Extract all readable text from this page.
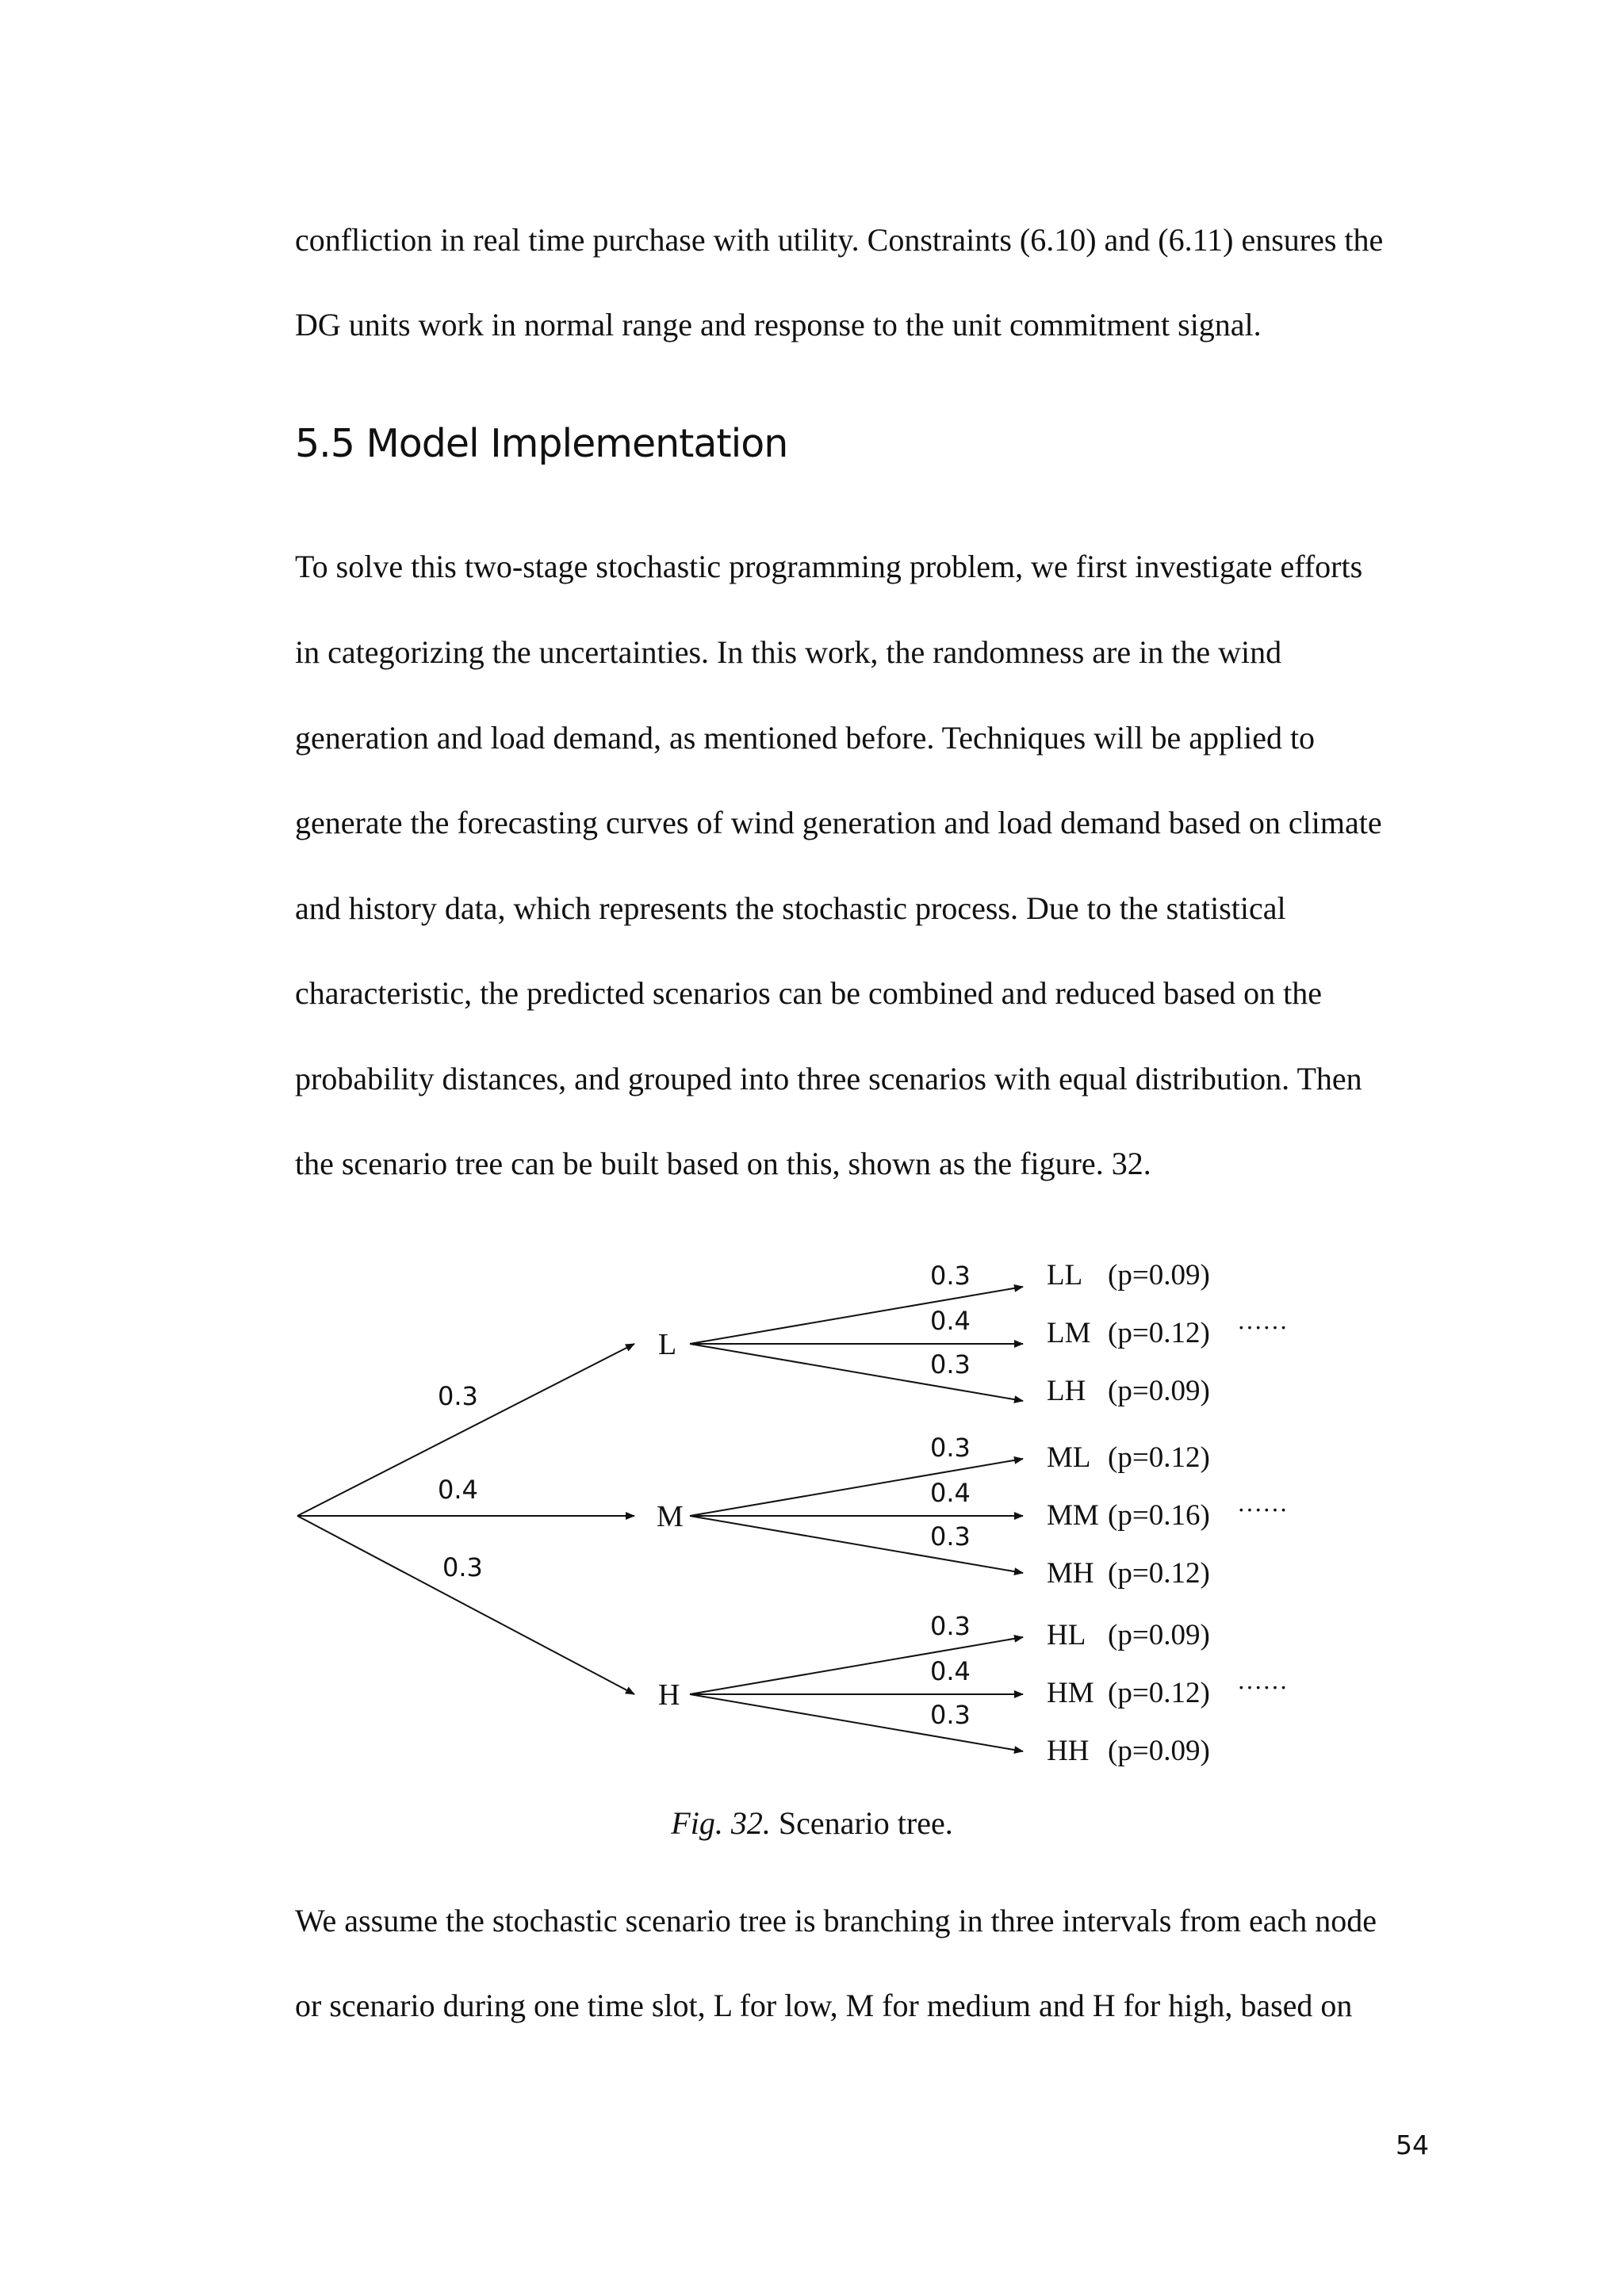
confliction in real time purchase with utility. Constraints (6.10) and (6.11) ensures the
DG units work in normal range and response to the unit commitment signal.
5.5 Model Implementation
To solve this two-stage stochastic programming problem, we first investigate efforts
in categorizing the uncertainties. In this work, the randomness are in the wind
generation and load demand, as mentioned before. Techniques will be applied to
generate the forecasting curves of wind generation and load demand based on climate
and history data, which represents the stochastic process. Due to the statistical
characteristic, the predicted scenarios can be combined and reduced based on the
probability distances, and grouped into three scenarios with equal distribution. Then
the scenario tree can be built based on this, shown as the figure. 32.
0.3
L
0.4
M
0.3
H
0.3	LL (p=0.09)
0.4	LM (p=0.12)
0.3
LH (p=0.09)
······
0.3	ML (p=0.12)
0.4
MM (p=0.16)
0.3
MH (p=0.12)
······
0.3	HL (p=0.09)
0.4
HM (p=0.12)
0.3
HH (p=0.09)
······
Fig. 32. Scenario tree.
We assume the stochastic scenario tree is branching in three intervals from each node
or scenario during one time slot, L for low, M for medium and H for high, based on
54
